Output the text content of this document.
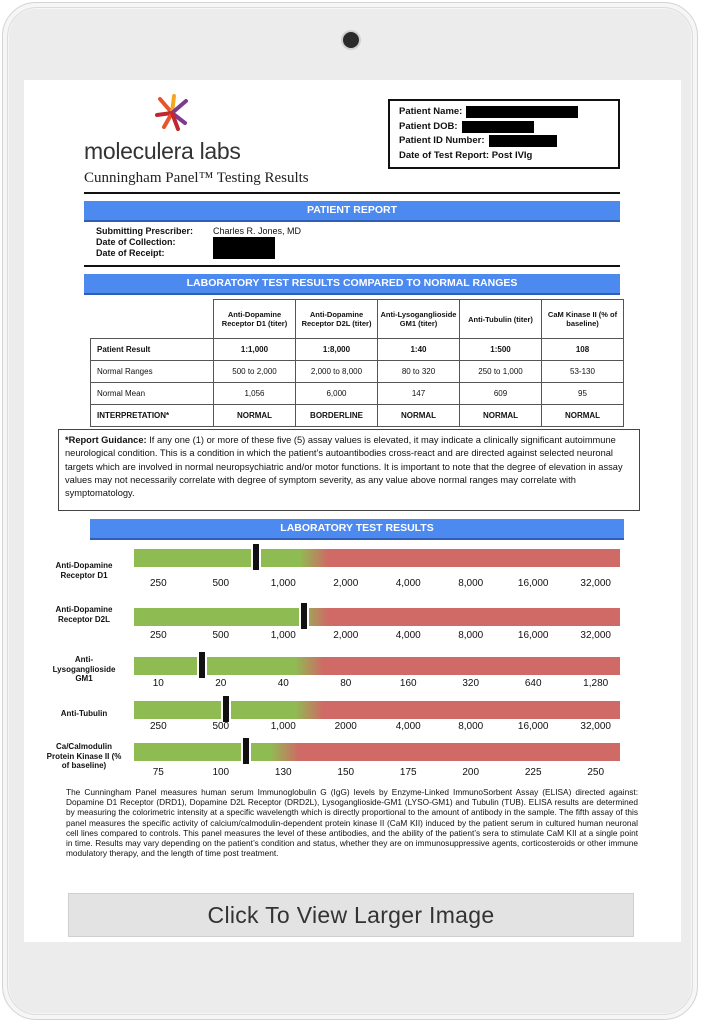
moleculera labs
Cunningham Panel™ Testing Results
Patient Name:
Patient DOB:
Patient ID Number:
Date of Test Report: Post IVIg
PATIENT REPORT
Submitting Prescriber: Charles R. Jones, MD
Date of Collection:
Date of Receipt:
LABORATORY TEST RESULTS COMPARED TO NORMAL RANGES
	Anti-Dopamine Receptor D1 (titer)	Anti-Dopamine Receptor D2L (titer)	Anti-Lysoganglioside GM1 (titer)	Anti-Tubulin (titer)	CaM Kinase II (% of baseline)
Patient Result	1:1,000	1:8,000	1:40	1:500	108
Normal Ranges	500 to 2,000	2,000 to 8,000	80 to 320	250 to 1,000	53-130
Normal Mean	1,056	6,000	147	609	95
INTERPRETATION*	NORMAL	BORDERLINE	NORMAL	NORMAL	NORMAL
*Report Guidance: If any one (1) or more of these five (5) assay values is elevated, it may indicate a clinically significant autoimmune neurological condition. This is a condition in which the patient’s autoantibodies cross-react and are directed against selected neuronal targets which are involved in normal neuropsychiatric and/or motor functions. It is important to note that the degree of elevation in assay values may not necessarily correlate with degree of symptom severity, as any value above normal ranges may correlate with symptomatology.
LABORATORY TEST RESULTS
Anti-Dopamine Receptor D1
250	500	1,000	2,000	4,000	8,000	16,000	32,000
Anti-Dopamine Receptor D2L
250	500	1,000	2,000	4,000	8,000	16,000	32,000
Anti-Lysoganglioside GM1	10	20	40	80	160	320	640	1,280
Anti-Tubulin
250	500	1,000	2000	4,000	8,000	16,000	32,000
Ca/Calmodulin Protein Kinase II (% of baseline)
75	100	130	150	175	200	225	250
The Cunningham Panel measures human serum Immunoglobulin G (IgG) levels by Enzyme-Linked ImmunoSorbent Assay (ELISA) directed against: Dopamine D1 Receptor (DRD1), Dopamine D2L Receptor (DRD2L), Lysoganglioside-GM1 (LYSO-GM1) and Tubulin (TUB). ELISA results are determined by measuring the colorimetric intensity at a specific wavelength which is directly proportional to the amount of antibody in the sample. The fifth assay of this panel measures the specific activity of calcium/calmodulin-dependent protein kinase II (CaM KII) induced by the patient serum in cultured human neuronal cell lines compared to controls. This panel measures the level of these antibodies, and the ability of the patient’s sera to stimulate CaM KII at a single point in time. Results may vary depending on the patient’s condition and status, whether they are on immunosuppressive agents, corticosteroids or other immune modulatory therapy, and the length of time post treatment.
Click To View Larger Image
